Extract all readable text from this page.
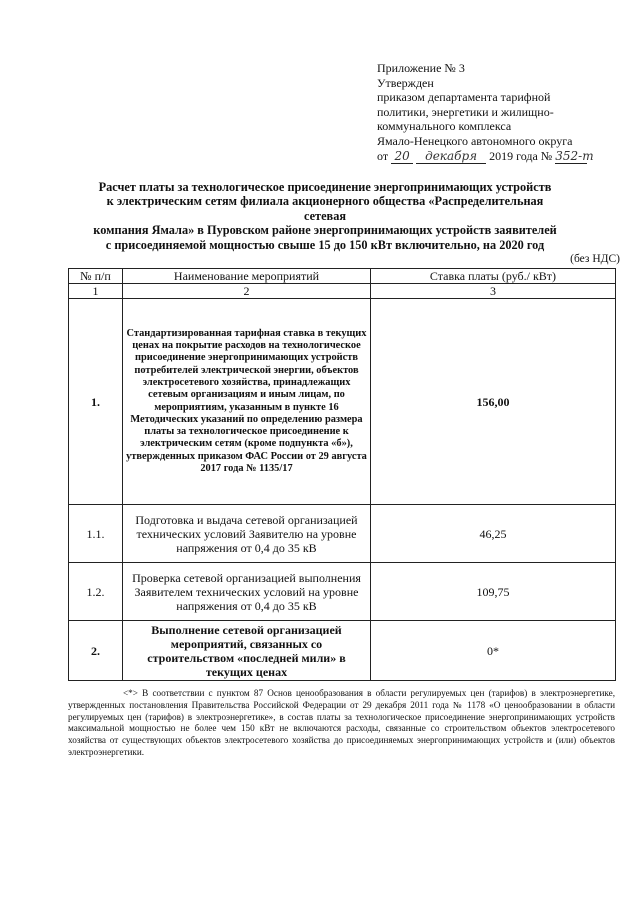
Приложение № 3
Утвержден
приказом департамента тарифной
политики, энергетики и жилищно-
коммунального комплекса
Ямало-Ненецкого автономного округа
от 20 декабря 2019 года № 352-т
Расчет платы за технологическое присоединение энергопринимающих устройств
к электрическим сетям филиала акционерного общества «Распределительная сетевая
компания Ямала» в Пуровском районе энергопринимающих устройств заявителей
с присоединяемой мощностью свыше 15 до 150 кВт включительно, на 2020 год
(без НДС)
№ п/п	Наименование мероприятий	Ставка платы (руб./ кВт)
1	2	3
1.	Стандартизированная тарифная ставка в текущих ценах на покрытие расходов на технологическое присоединение энергопринимающих устройств потребителей электрической энергии, объектов электросетевого хозяйства, принадлежащих сетевым организациям и иным лицам, по мероприятиям, указанным в пункте 16 Методических указаний по определению размера платы за технологическое присоединение к электрическим сетям (кроме подпункта «б»), утвержденных приказом ФАС России от 29 августа 2017 года № 1135/17	156,00
1.1.	Подготовка и выдача сетевой организацией технических условий Заявителю на уровне напряжения от 0,4 до 35 кВ	46,25
1.2.	Проверка сетевой организацией выполнения Заявителем технических условий на уровне напряжения от 0,4 до 35 кВ	109,75
2.	Выполнение сетевой организацией мероприятий, связанных со строительством «последней мили» в текущих ценах	0*
<*> В соответствии с пунктом 87 Основ ценообразования в области регулируемых цен (тарифов) в электроэнергетике, утвержденных постановления Правительства Российской Федерации от 29 декабря 2011 года № 1178 «О ценообразовании в области регулируемых цен (тарифов) в электроэнергетике», в состав платы за технологическое присоединение энергопринимающих устройств максимальной мощностью не более чем 150 кВт не включаются расходы, связанные со строительством объектов электросетевого хозяйства от существующих объектов электросетевого хозяйства до присоединяемых энергопринимающих устройств и (или) объектов электроэнергетики.
